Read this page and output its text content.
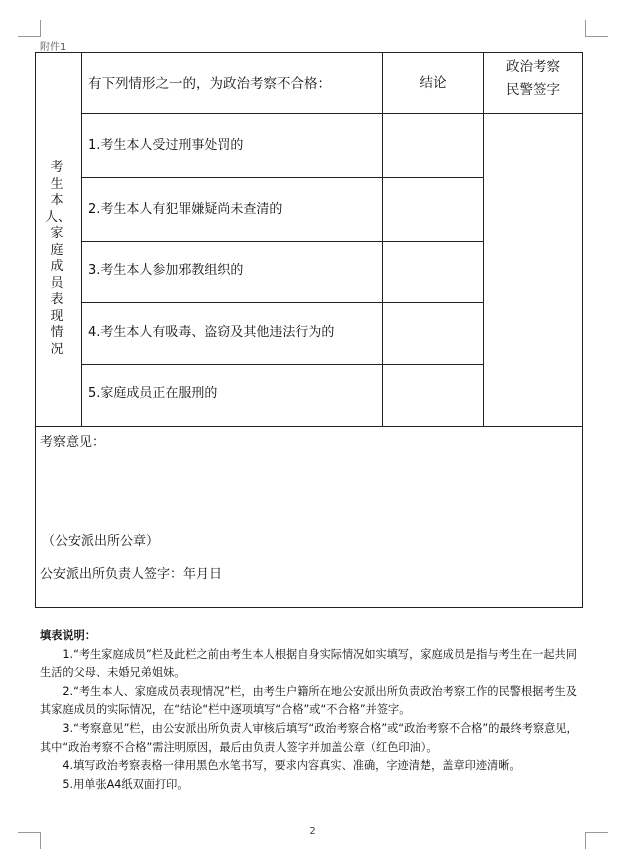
附件1
考生本人、家庭成员表现情况
有下列情形之一的，为政治考察不合格：	结论
政治考察民警签字
1.考生本人受过刑事处罚的
2.考生本人有犯罪嫌疑尚未查清的
3.考生本人参加邪教组织的
4.考生本人有吸毒、盗窃及其他违法行为的
5.家庭成员正在服刑的
考察意见：
（公安派出所公章）
公安派出所负责人签字：年月日

填表说明：

1.“考生家庭成员”栏及此栏之前由考生本人根据自身实际情况如实填写，家庭成员是指与考生在一起共同生活的父母、未婚兄弟姐妹。

2.“考生本人、家庭成员表现情况”栏，由考生户籍所在地公安派出所负责政治考察工作的民警根据考生及其家庭成员的实际情况，在“结论“栏中逐项填写“合格”或“不合格”并签字。

3.“考察意见”栏，由公安派出所负责人审核后填写“政治考察合格”或“政治考察不合格”的最终考察意见，其中“政治考察不合格”需注明原因，最后由负责人签字并加盖公章（红色印油）。

4.填写政治考察表格一律用黑色水笔书写，要求内容真实、准确，字迹清楚，盖章印迹清晰。

5.用单张A4纸双面打印。

2
